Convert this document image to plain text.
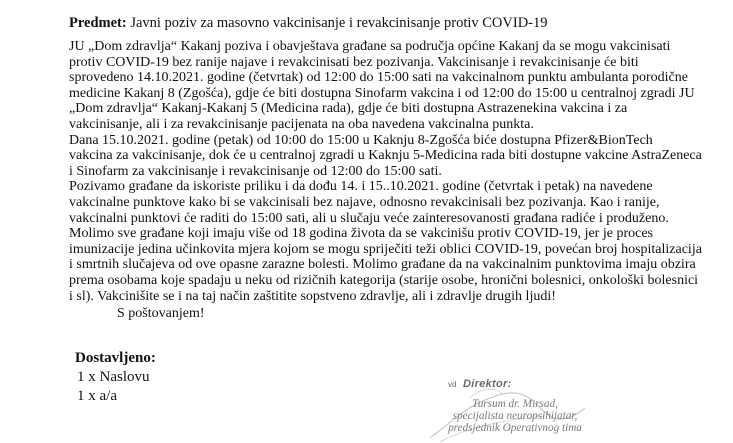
Predmet: Javni poziv za masovno vakcinisanje i revakcinisanje protiv COVID-19
JU „Dom zdravlja“ Kakanj poziva i obavještava građane sa područja općine Kakanj da se mogu vakcinisati
protiv COVID-19 bez ranije najave i revakcinisati bez pozivanja. Vakcinisanje i revakcinisanje će biti
sprovedeno 14.10.2021. godine (četvrtak) od 12:00 do 15:00 sati na vakcinalnom punktu ambulanta porodične
medicine Kakanj 8 (Zgošća), gdje će biti dostupna Sinofarm vakcina i od 12:00 do 15:00 u centralnoj zgradi JU
„Dom zdravlja“ Kakanj-Kakanj 5 (Medicina rada), gdje će biti dostupna Astrazenekina vakcina i za
vakcinisanje, ali i za revakcinisanje pacijenata na oba navedena vakcinalna punkta.
Dana 15.10.2021. godine (petak) od 10:00 do 15:00 u Kaknju 8-Zgošća biće dostupna Pfizer&BionTech
vakcina za vakcinisanje, dok će u centralnoj zgradi u Kaknju 5-Medicina rada biti dostupne vakcine AstraZeneca
i Sinofarm za vakcinisanje i revakcinisanje od 12:00 do 15:00 sati.
Pozivamo građane da iskoriste priliku i da dođu 14. i 15..10.2021. godine (četvrtak i petak) na navedene
vakcinalne punktove kako bi se vakcinisali bez najave, odnosno revakcinisali bez pozivanja. Kao i ranije,
vakcinalni punktovi će raditi do 15:00 sati, ali u slučaju veće zainteresovanosti građana radiće i produženo.
Molimo sve građane koji imaju više od 18 godina života da se vakcinišu protiv COVID-19, jer je proces
imunizacije jedina učinkovita mjera kojom se mogu spriječiti teži oblici COVID-19, povećan broj hospitalizacija
i smrtnih slučajeva od ove opasne zarazne bolesti. Molimo građane da na vakcinalnim punktovima imaju obzira
prema osobama koje spadaju u neku od rizičnih kategorija (starije osobe, hronični bolesnici, onkološki bolesnici
i sl). Vakcinišite se i na taj način zaštitite sopstveno zdravlje, ali i zdravlje drugih ljudi!
S poštovanjem!
Dostavljeno:
1 x Naslovu
1 x a/a
vd Direktor:
Tursum dr. Mirsad,
specijalista neuropsihijatar,
predsjednik Operativnog tima
